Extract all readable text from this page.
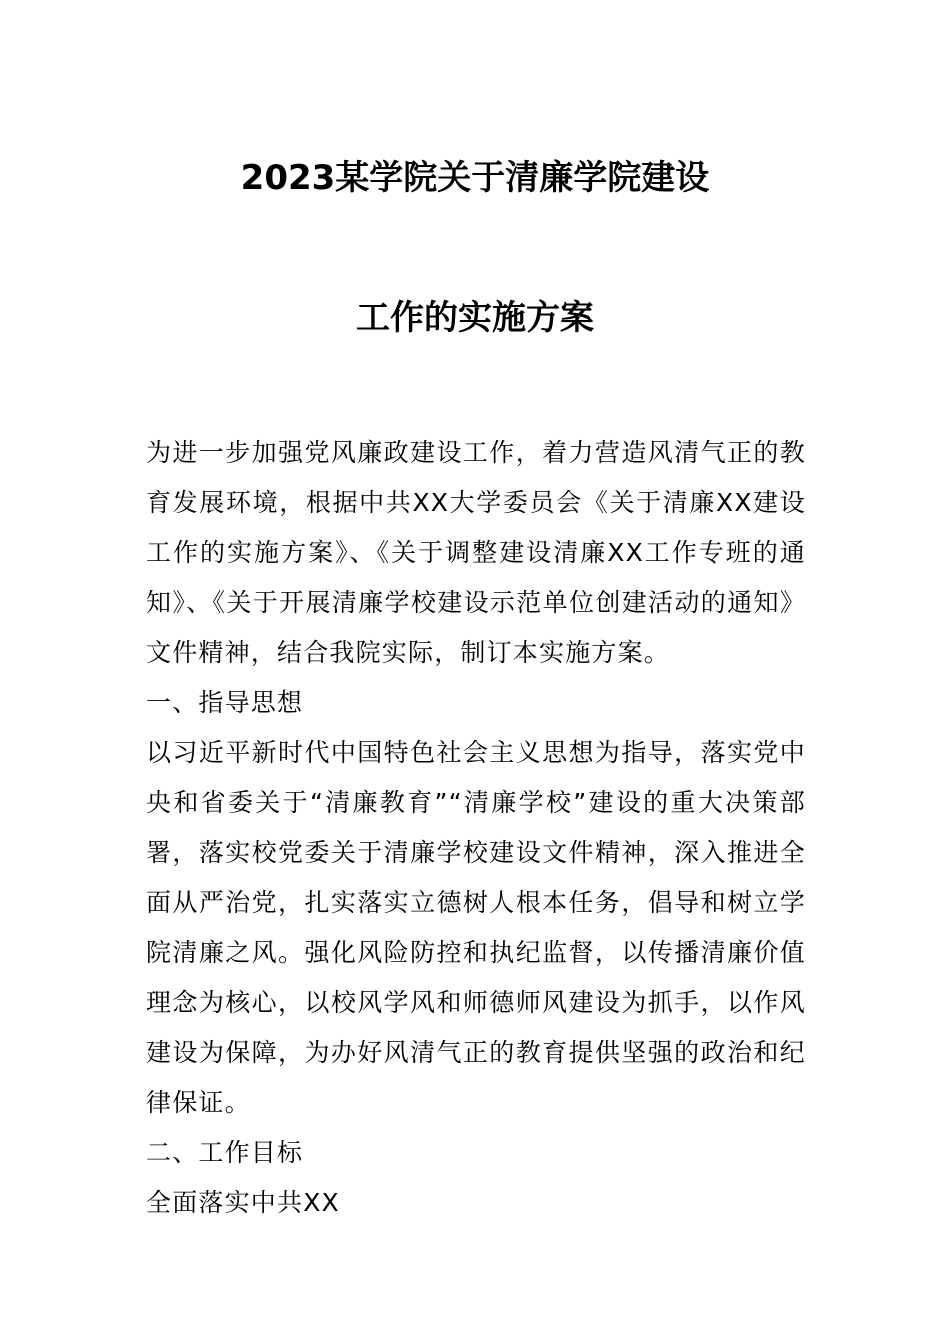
2023某学院关于清廉学院建设
工作的实施方案

为进一步加强党风廉政建设工作，着力营造风清气正的教育发展环境，根据中共XX大学委员会《关于清廉XX建设工作的实施方案》、《关于调整建设清廉XX工作专班的通知》、《关于开展清廉学校建设示范单位创建活动的通知》文件精神，结合我院实际，制订本实施方案。

一、指导思想

以习近平新时代中国特色社会主义思想为指导，落实党中央和省委关于“清廉教育”“清廉学校”建设的重大决策部署，落实校党委关于清廉学校建设文件精神，深入推进全面从严治党，扎实落实立德树人根本任务，倡导和树立学院清廉之风。强化风险防控和执纪监督，以传播清廉价值理念为核心，以校风学风和师德师风建设为抓手，以作风建设为保障，为办好风清气正的教育提供坚强的政治和纪律保证。

二、工作目标

全面落实中共XX
